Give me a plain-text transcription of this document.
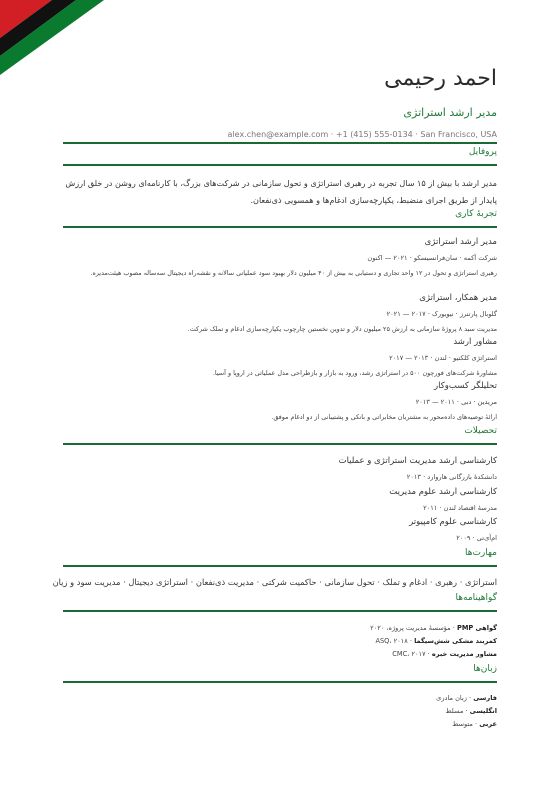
احمد رحیمی
مدیر ارشد استراتژی
alex.chen@example.com · +1 (415) 555-0134 · San Francisco, USA
پروفایل
مدیر ارشد با بیش از ۱۵ سال تجربه در رهبری استراتژی و تحول سازمانی در شرکت‌های بزرگ، با کارنامه‌ای روشن در خلق ارزش پایدار از طریق اجرای منضبط، یکپارچه‌سازی ادغام‌ها و همسویی ذی‌نفعان.
تجربهٔ کاری
مدیر ارشد استراتژی
شرکت آکمه · سان‌فرانسیسکو · ۲۰۲۱ — اکنون
رهبری استراتژی و تحول در ۱۲ واحد تجاری و دستیابی به بیش از ۴۰ میلیون دلار بهبود سود عملیاتی سالانه و نقشه‌راه دیجیتال سه‌ساله مصوب هیئت‌مدیره.
مدیر همکار، استراتژی
گلوبال پارتنرز · نیویورک · ۲۰۱۷ — ۲۰۲۱
مدیریت سبد ۸ پروژهٔ سازمانی به ارزش ۲۵ میلیون دلار و تدوین نخستین چارچوب یکپارچه‌سازی ادغام و تملک شرکت.
مشاور ارشد
استراتژی کلکتیو · لندن · ۲۰۱۳ — ۲۰۱۷
مشاورهٔ شرکت‌های فورچون ۵۰۰ در استراتژی رشد، ورود به بازار و بازطراحی مدل عملیاتی در اروپا و آسیا.
تحلیلگر کسب‌وکار
مریدین · دبی · ۲۰۱۱ — ۲۰۱۳
ارائهٔ توصیه‌های داده‌محور به مشتریان مخابراتی و بانکی و پشتیبانی از دو ادغام موفق.
تحصیلات
کارشناسی ارشد مدیریت استراتژی و عملیات
دانشکدهٔ بازرگانی هاروارد · ۲۰۱۳
کارشناسی ارشد علوم مدیریت
مدرسهٔ اقتصاد لندن · ۲۰۱۱
کارشناسی علوم کامپیوتر
ام‌آی‌تی · ۲۰۰۹
مهارت‌ها
استراتژی · رهبری · ادغام و تملک · تحول سازمانی · حاکمیت شرکتی · مدیریت ذی‌نفعان · استراتژی دیجیتال · مدیریت سود و زیان
گواهینامه‌ها
گواهی PMP · مؤسسهٔ مدیریت پروژه، ۲۰۲۰
کمربند مشکی شش‌سیگما · ASQ، ۲۰۱۸
مشاور مدیریت خبره · CMC، ۲۰۱۷
زبان‌ها
فارسی · زبان مادری
انگلیسی · مسلط
عربی · متوسط
